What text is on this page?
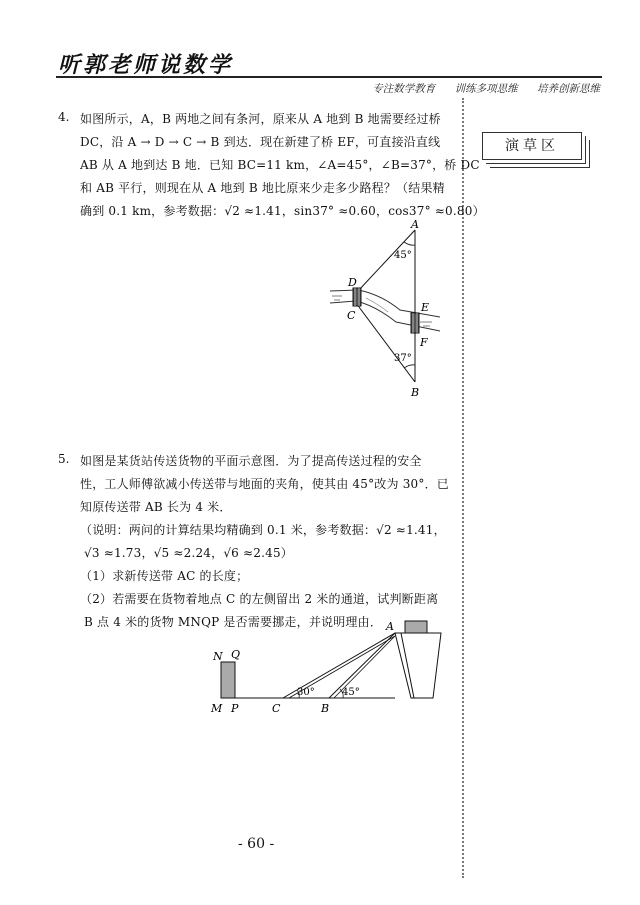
听郭老师说数学
专注数学教育 训练多项思维 培养创新思维
演草区
4. 如图所示，A，B 两地之间有条河，原来从 A 地到 B 地需要经过桥
DC，沿 A → D → C → B 到达．现在新建了桥 EF，可直接沿直线
AB 从 A 地到达 B 地．已知 BC=11 km，∠A=45°，∠B=37°，桥 DC
和 AB 平行，则现在从 A 地到 B 地比原来少走多少路程？（结果精
确到 0.1 km，参考数据：√2 ≈1.41，sin37° ≈0.60，cos37° ≈0.80）
A
B
C
D
E
F
45°
37°
5. 如图是某货站传送货物的平面示意图．为了提高传送过程的安全
性，工人师傅欲减小传送带与地面的夹角，使其由 45°改为 30°．已
知原传送带 AB 长为 4 米．
（说明：两问的计算结果均精确到 0.1 米，参考数据：√2 ≈1.41，
√3 ≈1.73，√5 ≈2.24，√6 ≈2.45）
（1）求新传送带 AC 的长度；
（2）若需要在货物着地点 C 的左侧留出 2 米的通道，试判断距离
B 点 4 米的货物 MNQP 是否需要挪走，并说明理由． A
B
C
M
N
P
Q
30°	45°
- 60 -
